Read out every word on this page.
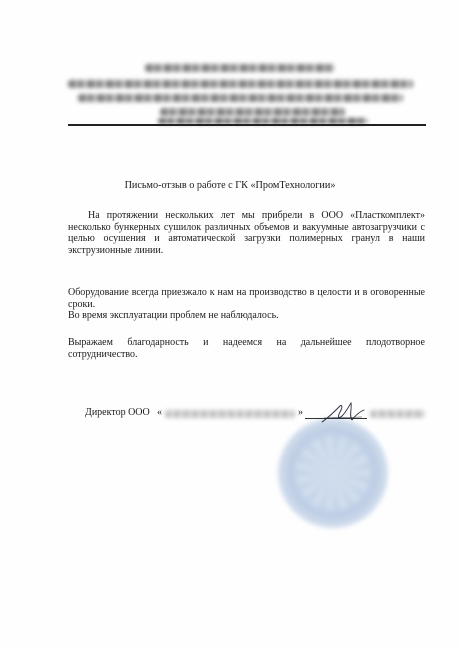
Письмо-отзыв о работе с ГК «ПромТехнологии»

На протяжении нескольких лет мы прибрели в ООО «Пласткомплект» несколько бункерных сушилок различных объемов и вакуумные автозагрузчики с целью осушения и автоматической загрузки полимерных гранул в наши экструзионные линии.

Оборудование всегда приезжало к нам на производство в целости и в оговоренные сроки.

Во время эксплуатации проблем не наблюдалось.

Выражаем благодарность и надеемся на дальнейшее плодотворное сотрудничество.

Директор ООО «	»
